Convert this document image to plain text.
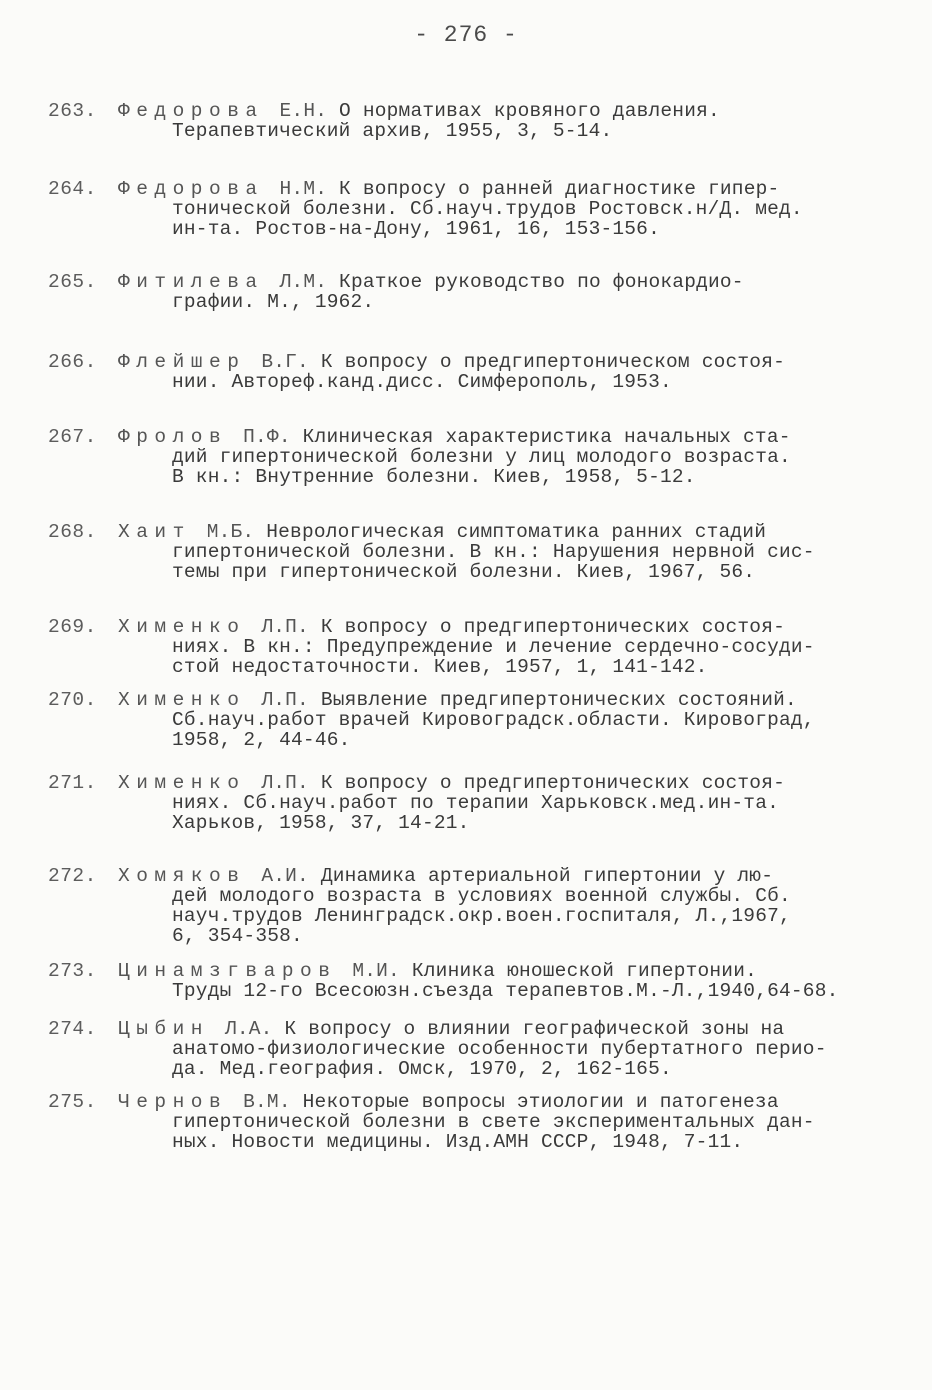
- 276 -
263.	Федорова Е.Н. О нормативах кровяного давления.
Терапевтический архив, 1955, 3, 5-14.
264.	Федорова Н.М. К вопросу о ранней диагностике гипер-
тонической болезни. Сб.науч.трудов Ростовск.н/Д. мед.
ин-та. Ростов-на-Дону, 1961, 16, 153-156.
265.	Фитилева Л.М. Краткое руководство по фонокардио-
графии. М., 1962.
266.	Флейшер В.Г. К вопросу о предгипертоническом состоя-
нии. Автореф.канд.дисс. Симферополь, 1953.
267.	Фролов П.Ф. Клиническая характеристика начальных ста-
дий гипертонической болезни у лиц молодого возраста.
В кн.: Внутренние болезни. Киев, 1958, 5-12.
268.	Хаит М.Б. Неврологическая симптоматика ранних стадий
гипертонической болезни. В кн.: Нарушения нервной сис-
темы при гипертонической болезни. Киев, 1967, 56.
269.	Хименко Л.П. К вопросу о предгипертонических состоя-
ниях. В кн.: Предупреждение и лечение сердечно-сосуди-
стой недостаточности. Киев, 1957, 1, 141-142.
270.	Хименко Л.П. Выявление предгипертонических состояний.
Сб.науч.работ врачей Кировоградск.области. Кировоград,
1958, 2, 44-46.
271.	Хименко Л.П. К вопросу о предгипертонических состоя-
ниях. Сб.науч.работ по терапии Харьковск.мед.ин-та.
Харьков, 1958, 37, 14-21.
272.	Хомяков А.И. Динамика артериальной гипертонии у лю-
дей молодого возраста в условиях военной службы. Сб.
науч.трудов Ленинградск.окр.воен.госпиталя, Л.,1967,
6, 354-358.
273.	Цинамзгваров М.И. Клиника юношеской гипертонии.
Труды 12-го Всесоюзн.съезда терапевтов.М.-Л.,1940,64-68.
274.	Цыбин Л.А. К вопросу о влиянии географической зоны на
анатомо-физиологические особенности пубертатного перио-
да. Мед.география. Омск, 1970, 2, 162-165.
275.	Чернов В.М. Некоторые вопросы этиологии и патогенеза
гипертонической болезни в свете экспериментальных дан-
ных. Новости медицины. Изд.АМН СССР, 1948, 7-11.
